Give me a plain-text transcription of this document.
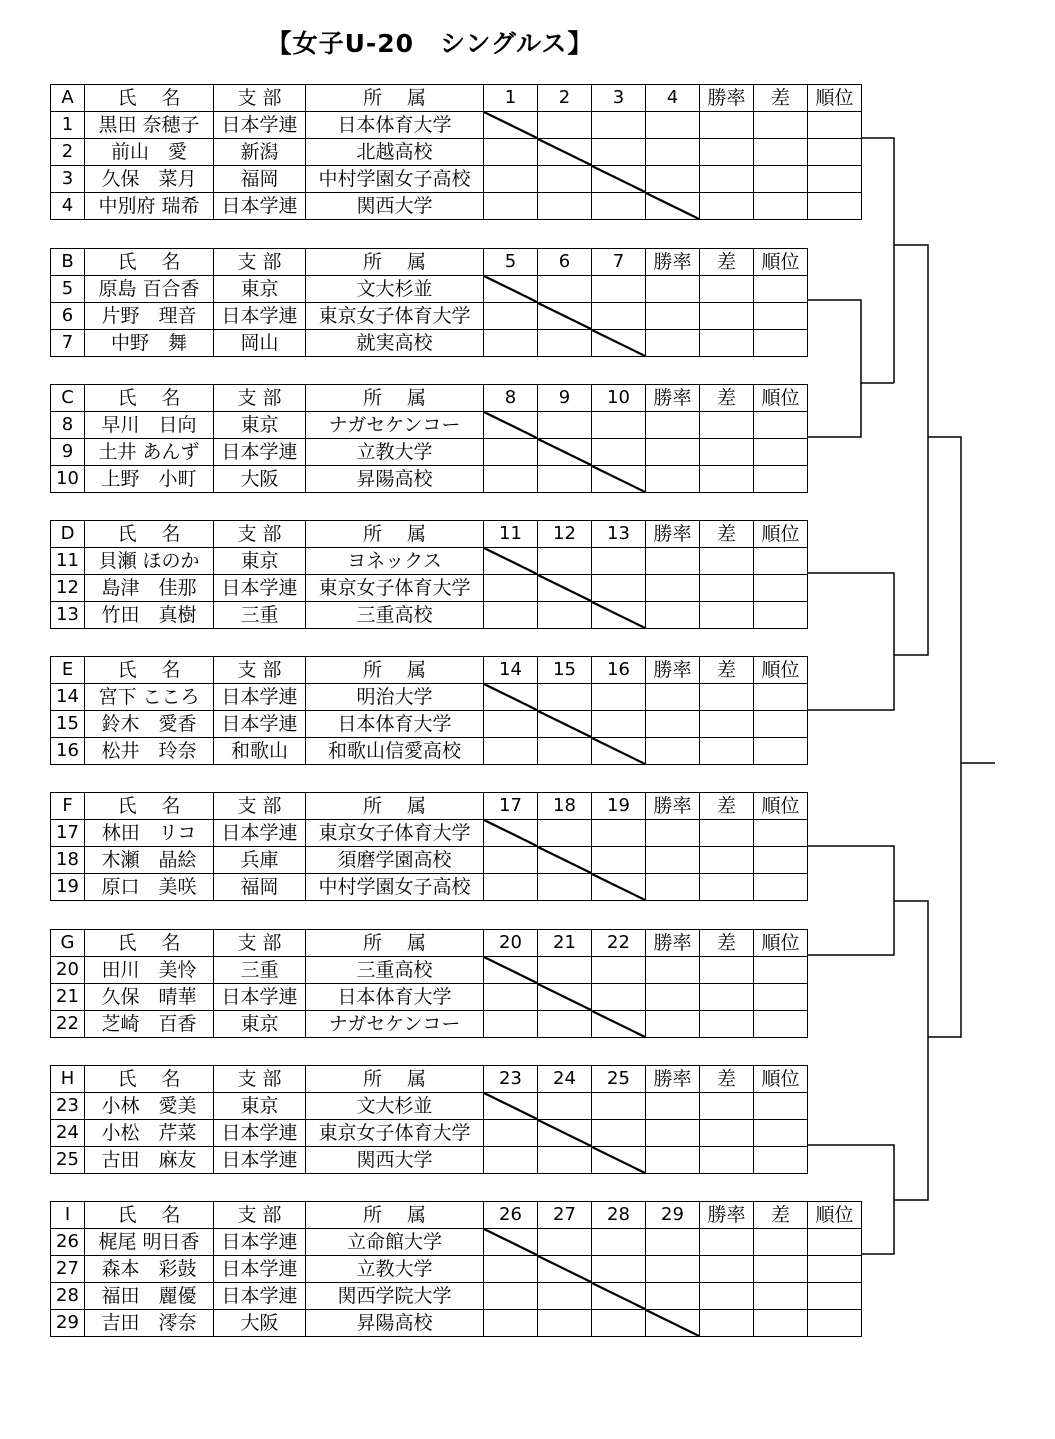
【女子U-20　シングルス】
A	氏　 名	支 部	所　 属	1	2	3	4	勝率	差	順位
1	黒田 奈穂子	日本学連	日本体育大学
2	前山　愛	新潟	北越高校
3	久保　菜月	福岡	中村学園女子高校
4	中別府 瑞希	日本学連	関西大学
B	氏　 名	支 部	所　 属	5	6	7	勝率	差	順位
5	原島 百合香	東京	文大杉並
6	片野　理音	日本学連	東京女子体育大学
7	中野　舞	岡山	就実高校
C	氏　 名	支 部	所　 属	8	9	10	勝率	差	順位
8	早川　日向	東京	ナガセケンコー
9	土井 あんず	日本学連	立教大学
10	上野　小町	大阪	昇陽高校
D	氏　 名	支 部	所　 属	11	12	13	勝率	差	順位
11	貝瀬 ほのか	東京	ヨネックス
12	島津　佳那	日本学連	東京女子体育大学
13	竹田　真樹	三重	三重高校
E	氏　 名	支 部	所　 属	14	15	16	勝率	差	順位
14	宮下 こころ	日本学連	明治大学
15	鈴木　愛香	日本学連	日本体育大学
16	松井　玲奈	和歌山	和歌山信愛高校
F	氏　 名	支 部	所　 属	17	18	19	勝率	差	順位
17	林田　リコ	日本学連	東京女子体育大学
18	木瀬　晶絵	兵庫	須磨学園高校
19	原口　美咲	福岡	中村学園女子高校
G	氏　 名	支 部	所　 属	20	21	22	勝率	差	順位
20	田川　美怜	三重	三重高校
21	久保　晴華	日本学連	日本体育大学
22	芝崎　百香	東京	ナガセケンコー
H	氏　 名	支 部	所　 属	23	24	25	勝率	差	順位
23	小林　愛美	東京	文大杉並
24	小松　芹菜	日本学連	東京女子体育大学
25	古田　麻友	日本学連	関西大学
I	氏　 名	支 部	所　 属	26	27	28	29	勝率	差	順位
26	梶尾 明日香	日本学連	立命館大学
27	森本　彩鼓	日本学連	立教大学
28	福田　麗優	日本学連	関西学院大学
29	吉田　澪奈	大阪	昇陽高校
